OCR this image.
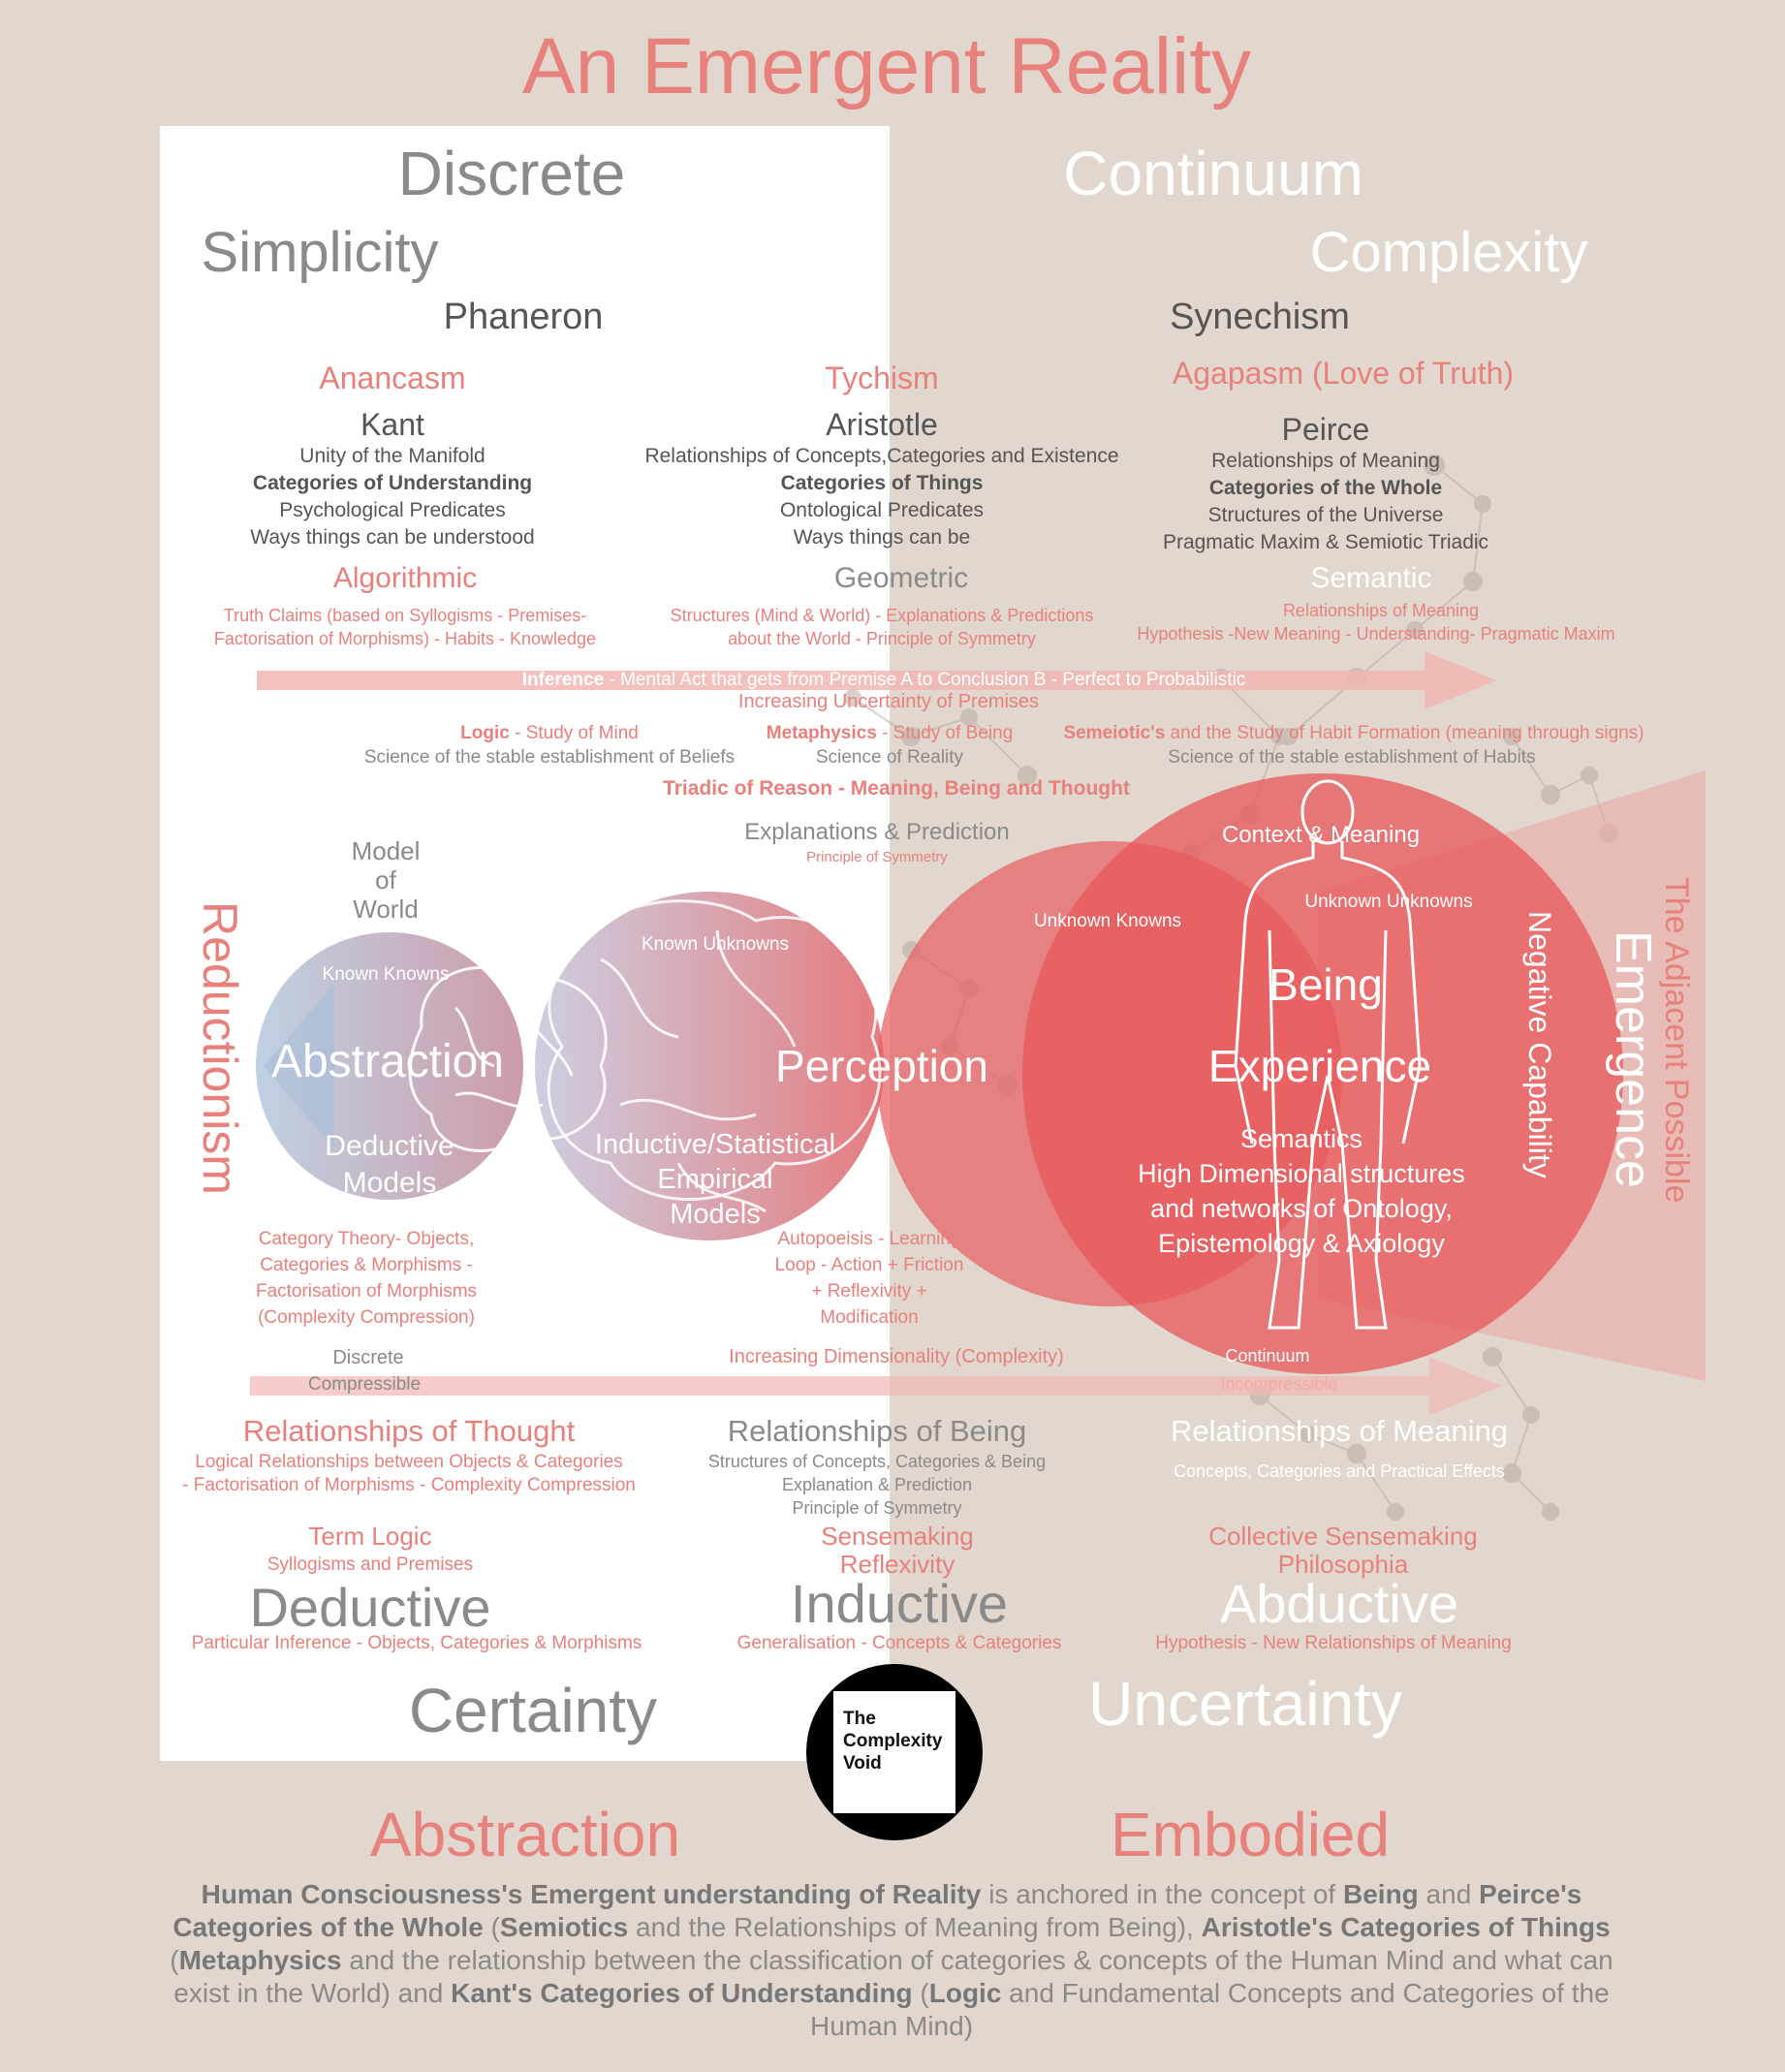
An Emergent Reality
Discrete	Continuum
Simplicity	Complexity
Phaneron	Synechism
Anancasm
Kant
Unity of the Manifold
Categories of Understanding
Psychological Predicates
Ways things can be understood
Algorithmic
Truth Claims (based on Syllogisms - Premises-
Factorisation of Morphisms) - Habits - Knowledge
Tychism
Aristotle
Relationships of Concepts,Categories and Existence
Categories of Things
Ontological Predicates
Ways things can be
Geometric
Structures (Mind & World) - Explanations & Predictions
about the World - Principle of Symmetry
Agapasm (Love of Truth)
Peirce
Relationships of Meaning
Categories of the Whole
Structures of the Universe
Pragmatic Maxim & Semiotic Triadic
Semantic
Relationships of Meaning
Hypothesis -New Meaning - Understanding- Pragmatic Maxim
Inference - Mental Act that gets from Premise A to Conclusion B - Perfect to Probabilistic
Increasing Uncertainty of Premises
Logic - Study of Mind
Science of the stable establishment of Beliefs
Metaphysics - Study of Being
Science of Reality
Semeiotic's and the Study of Habit Formation (meaning through signs)
Science of the stable establishment of Habits
Triadic of Reason - Meaning, Being and Thought
Explanations & Prediction
Principle of Symmetry
Model
of
World
Reductionism	Emergence
The Adjacent Possible
Negative Capability
Known Knowns
Abstraction
Deductive
Models
Known Unknowns
Inductive/Statistical
Empirical
Models
Perception
Unknown Knowns
Context & Meaning
Unknown Unknowns
Being
Experience
Semantics
High Dimensional structures
and networks of Ontology,
Epistemology & Axiology
Category Theory- Objects,
Categories & Morphisms -
Factorisation of Morphisms
(Complexity Compression)
Autopoeisis - Learning
Loop - Action + Friction
+ Reflexivity +
Modification
Discrete
Compressible
Increasing Dimensionality (Complexity)	Continuum
Incompressible
Relationships of Thought
Logical Relationships between Objects & Categories
- Factorisation of Morphisms - Complexity Compression
Relationships of Being
Structures of Concepts, Categories & Being
Explanation & Prediction
Principle of Symmetry
Relationships of Meaning
Concepts, Categories and Practical Effects
Term Logic
Syllogisms and Premises
Sensemaking
Reflexivity
Collective Sensemaking
Philosophia
Deductive
Particular Inference - Objects, Categories & Morphisms
Inductive
Generalisation - Concepts & Categories
Abductive
Hypothesis - New Relationships of Meaning
Certainty	Uncertainty
The
Complexity
Void
Abstraction	Embodied
Human Consciousness's Emergent understanding of Reality is anchored in the concept of Being and Peirce's Categories of the Whole (Semiotics and the Relationships of Meaning from Being), Aristotle's Categories of Things (Metaphysics and the relationship between the classification of categories & concepts of the Human Mind and what can exist in the World) and Kant's Categories of Understanding (Logic and Fundamental Concepts and Categories of the Human Mind)
